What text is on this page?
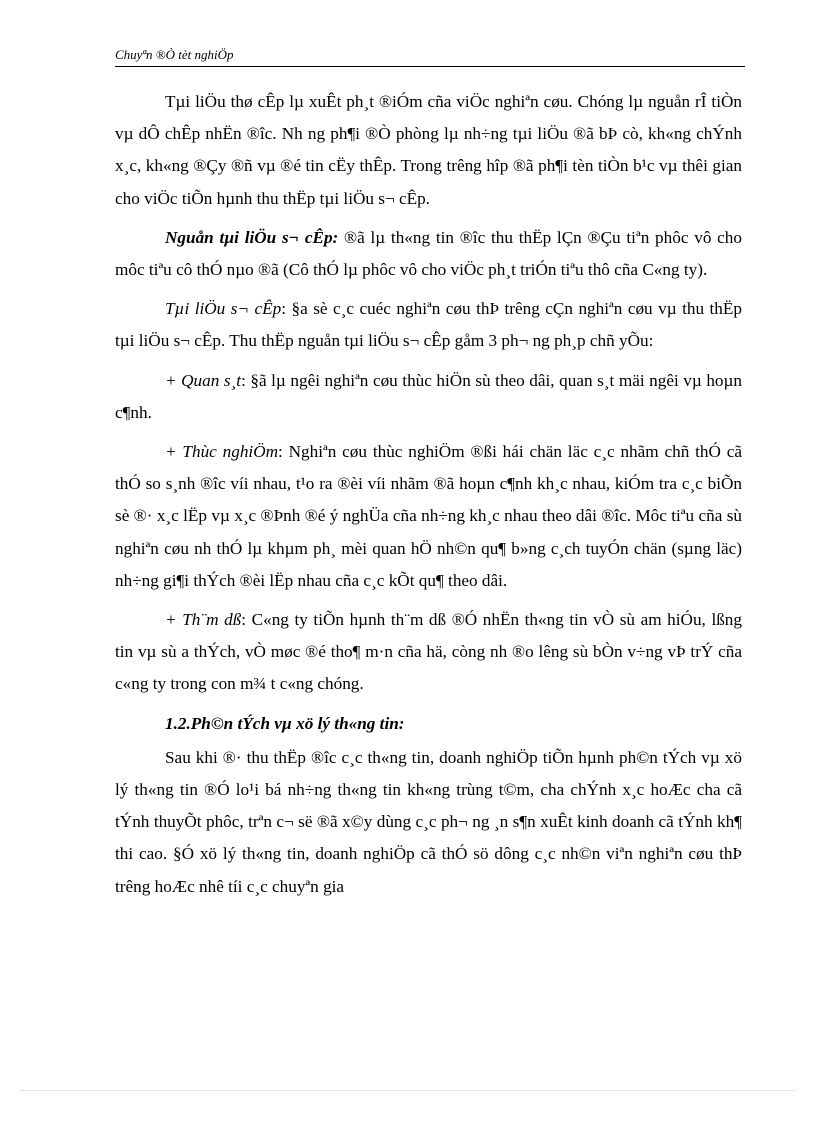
Chuyªn ®Ò tèt nghiÖp

Tµi liÖu thø cÊp lµ xuÊt ph¸t ®iÓm cña viÖc nghiªn cøu. Chóng lµ nguån rÎ tiÒn vµ dÔ chÊp nhËn ®îc. Nh ng ph¶i ®Ò phòng lµ nh÷ng tµi liÖu ®ã bÞ cò, kh«ng chÝnh x¸c, kh«ng ®Çy ®ñ vµ ®é tin cËy thÊp. Trong trêng hîp ®ã ph¶i tèn tiÒn b¹c vµ thêi gian cho viÖc tiÕn hµnh thu thËp tµi liÖu s¬ cÊp.

Nguån tµi liÖu s¬ cÊp: ®ã lµ th«ng tin ®îc thu thËp lÇn ®Çu tiªn phôc vô cho môc tiªu cô thÓ nµo ®ã (Cô thÓ lµ phôc vô cho viÖc ph¸t triÓn tiªu thô cña C«ng ty).

Tµi liÖu s¬ cÊp: §a sè c¸c cuéc nghiªn cøu thÞ trêng cÇn nghiªn cøu vµ thu thËp tµi liÖu s¬ cÊp. Thu thËp nguån tµi liÖu s¬ cÊp gåm 3 ph¬ ng ph¸p chñ yÕu:

+ Quan s¸t: §ã lµ ngêi nghiªn cøu thùc hiÖn sù theo dâi, quan s¸t mäi ngêi vµ hoµn c¶nh.

+ Thùc nghiÖm: Nghiªn cøu thùc nghiÖm ®ßi hái chän läc c¸c nhãm chñ thÓ cã thÓ so s¸nh ®îc víi nhau, t¹o ra ®èi víi nhãm ®ã hoµn c¶nh kh¸c nhau, kiÓm tra c¸c biÕn sè ®· x¸c lËp vµ x¸c ®Þnh ®é ý nghÜa cña nh÷ng kh¸c nhau theo dâi ®îc. Môc tiªu cña sù nghiªn cøu nh thÓ lµ khµm ph¸ mèi quan hÖ nh©n qu¶ b»ng c¸ch tuyÓn chän (sµng läc) nh÷ng gi¶i thÝch ®èi lËp nhau cña c¸c kÕt qu¶ theo dâi.

+ Th¨m dß: C«ng ty tiÕn hµnh th¨m dß ®Ó nhËn th«ng tin vÒ sù am hiÓu, lßng tin vµ sù a thÝch, vÒ møc ®é tho¶ m·n cña hä, còng nh ®o lêng sù bÒn v÷ng vÞ trÝ cña c«ng ty trong con m¾ t c«ng chóng.

1.2.Ph©n tÝch vµ xö lý th«ng tin:

Sau khi ®· thu thËp ®îc c¸c th«ng tin, doanh nghiÖp tiÕn hµnh ph©n tÝch vµ xö lý th«ng tin ®Ó lo¹i bá nh÷ng th«ng tin kh«ng trùng t©m, cha chÝnh x¸c hoÆc cha cã tÝnh thuyÕt phôc, trªn c¬ së ®ã x©y dùng c¸c ph¬ ng ¸n s¶n xuÊt kinh doanh cã tÝnh kh¶ thi cao. §Ó xö lý th«ng tin, doanh nghiÖp cã thÓ sö dông c¸c nh©n viªn nghiªn cøu thÞ trêng hoÆc nhê tíi c¸c chuyªn gia
